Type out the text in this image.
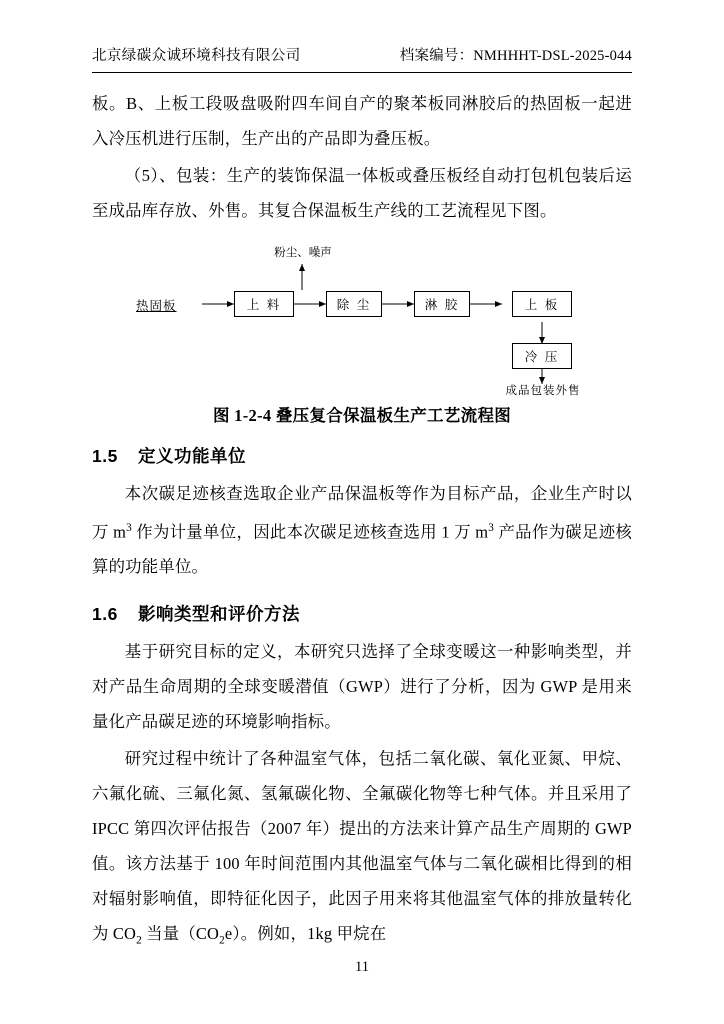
北京绿碳众诚环境科技有限公司	档案编号：NMHHHT-DSL-2025-044

板。B、上板工段吸盘吸附四车间自产的聚苯板同淋胶后的热固板一起进入冷压机进行压制，生产出的产品即为叠压板。

（5）、包装：生产的装饰保温一体板或叠压板经自动打包机包装后运至成品库存放、外售。其复合保温板生产线的工艺流程见下图。

粉尘、噪声
热固板	上 料	除 尘	淋 胶	上 板
冷 压
成品包装外售

图 1-2-4 叠压复合保温板生产工艺流程图

1.5 定义功能单位

本次碳足迹核查选取企业产品保温板等作为目标产品，企业生产时以万 $m^3$ 作为计量单位，因此本次碳足迹核查选用 1 万 $m^3$ 产品作为碳足迹核算的功能单位。

1.6 影响类型和评价方法

基于研究目标的定义，本研究只选择了全球变暖这一种影响类型，并对产品生命周期的全球变暖潜值（GWP）进行了分析，因为 GWP 是用来量化产品碳足迹的环境影响指标。

研究过程中统计了各种温室气体，包括二氧化碳、氧化亚氮、甲烷、六氟化硫、三氟化氮、氢氟碳化物、全氟碳化物等七种气体。并且采用了 IPCC 第四次评估报告（2007 年）提出的方法来计算产品生产周期的 GWP 值。该方法基于 100 年时间范围内其他温室气体与二氧化碳相比得到的相对辐射影响值，即特征化因子，此因子用来将其他温室气体的排放量转化为 $CO_2$ 当量$(CO_2e)$。例如，1kg 甲烷在

11
